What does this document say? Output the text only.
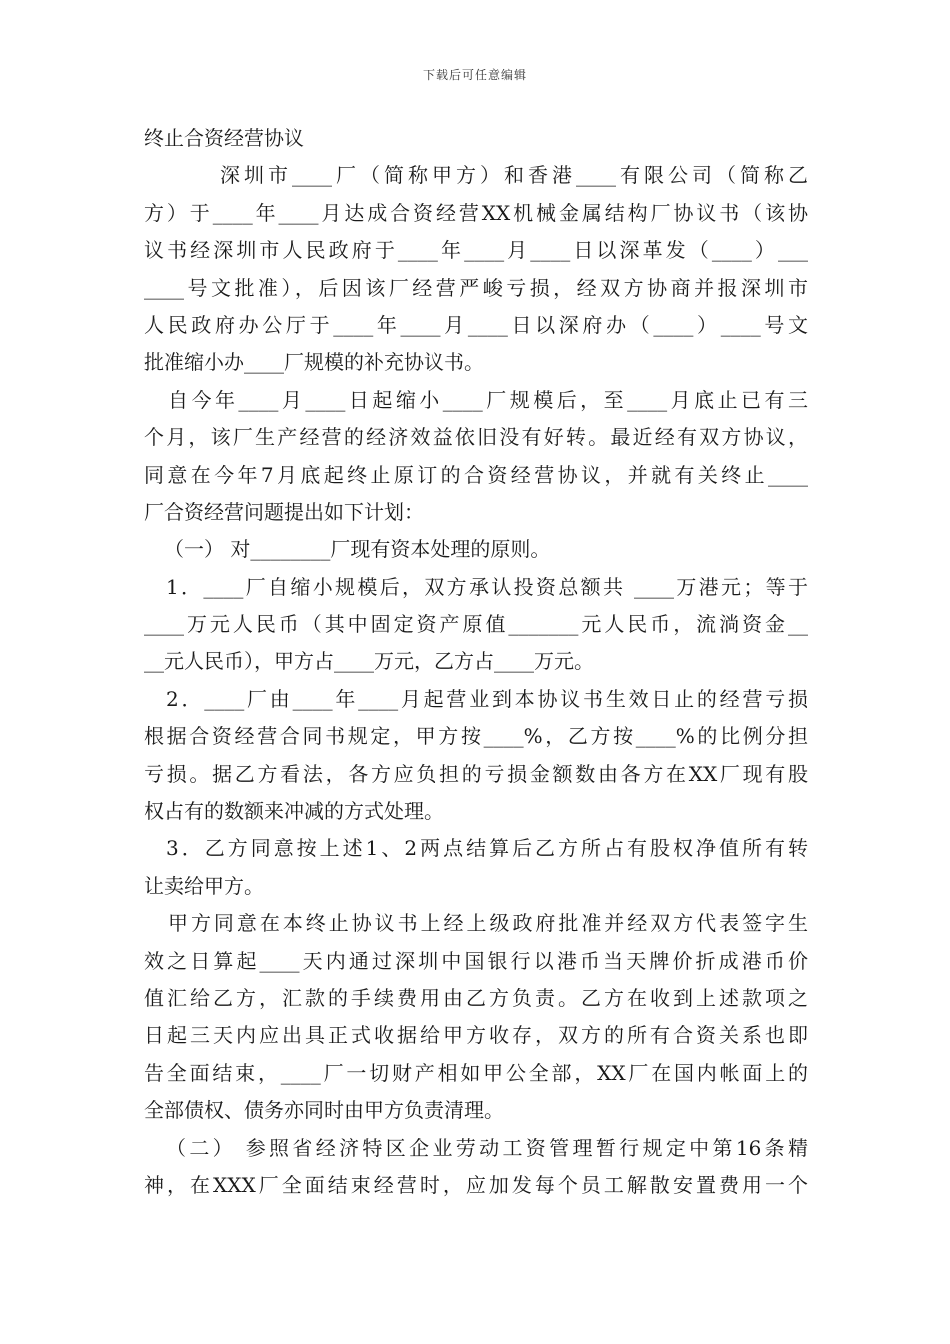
下载后可任意编辑
终止合资经营协议
深圳市____厂（简称甲方）和香港____有限公司（简称乙
方）于____年____月达成合资经营XX机械金属结构厂协议书（该协
议书经深圳市人民政府于____年____月____日以深革发（____）___
____号文批准），后因该厂经营严峻亏损，经双方协商并报深圳市
人民政府办公厅于____年____月____日以深府办（____）____号文
批准缩小办____厂规模的补充协议书。
自今年____月____日起缩小____厂规模后，至____月底止已有三
个月，该厂生产经营的经济效益依旧没有好转。最近经有双方协议，
同意在今年7月底起终止原订的合资经营协议，并就有关终止____
厂合资经营问题提出如下计划：
（一） 对________厂现有资本处理的原则。
1．____厂自缩小规模后，双方承认投资总额共 ____万港元；等于
____万元人民币（其中固定资产原值_______元人民币，流淌资金__
__元人民币），甲方占____万元，乙方占____万元。
2．____厂由____年____月起营业到本协议书生效日止的经营亏损
根据合资经营合同书规定，甲方按____%，乙方按____%的比例分担
亏损。据乙方看法，各方应负担的亏损金额数由各方在XX厂现有股
权占有的数额来冲减的方式处理。
3．乙方同意按上述1、2两点结算后乙方所占有股权净值所有转
让卖给甲方。
甲方同意在本终止协议书上经上级政府批准并经双方代表签字生
效之日算起____天内通过深圳中国银行以港币当天牌价折成港币价
值汇给乙方，汇款的手续费用由乙方负责。乙方在收到上述款项之
日起三天内应出具正式收据给甲方收存，双方的所有合资关系也即
告全面结束，____厂一切财产相如甲公全部，XX厂在国内帐面上的
全部债权、债务亦同时由甲方负责清理。
（二） 参照省经济特区企业劳动工资管理暂行规定中第16条精
神，在XXX厂全面结束经营时，应加发每个员工解散安置费用一个
